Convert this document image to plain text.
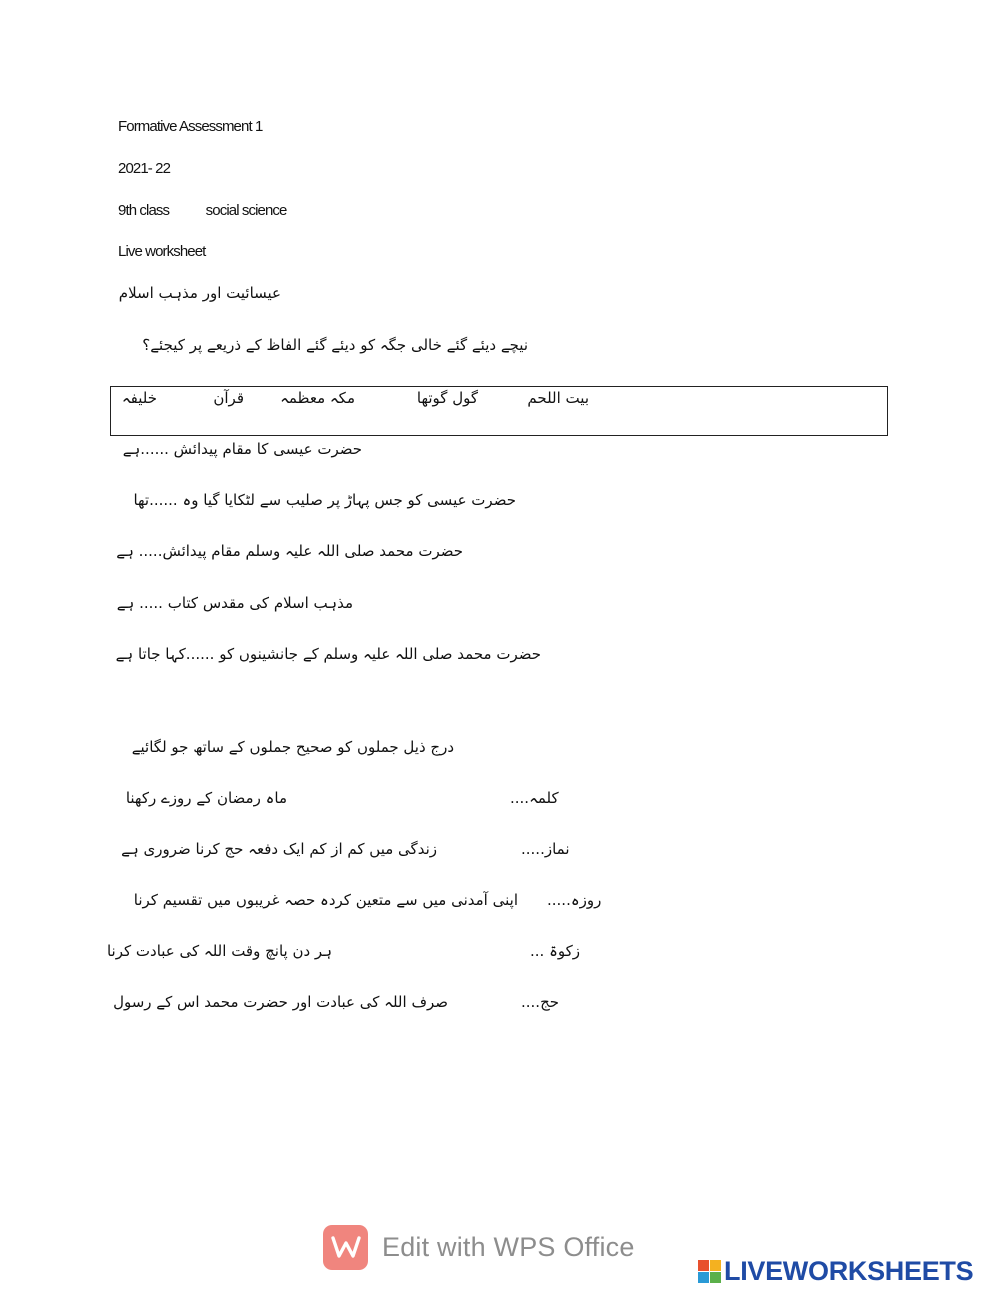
Formative Assessment 1
2021- 22
9th class social science
Live worksheet
عیسائیت اور مذہب اسلام
نیچے دیئے گئے خالی جگہ کو دیئے گئے الفاظ کے ذریعے پر کیجئے؟
بیت اللحم
گول گوتھا
مکہ معظمہ
قرآن
خلیفہ
حضرت عیسی کا مقام پیدائش ......ہے
حضرت عیسی کو جس پہاڑ پر صلیب سے لٹکایا گیا وہ ......تھا
حضرت محمد صلی اللہ علیہ وسلم مقام پیدائش..... ہے
مذہب اسلام کی مقدس کتاب ..... ہے
حضرت محمد صلی اللہ علیہ وسلم کے جانشینوں کو ......کہا جاتا ہے
درج ذیل جملوں کو صحیح جملوں کے ساتھ جو لگائیے
کلمہ....
ماہ رمضان کے روزے رکھنا
نماز.....
زندگی میں کم از کم ایک دفعہ حج کرنا ضروری ہے
روزہ.....
اپنی آمدنی میں سے متعین کردہ حصہ غریبوں میں تقسیم کرنا
زکوۃ ...
ہر دن پانچ وقت اللہ کی عبادت کرنا
حج....
صرف اللہ کی عبادت اور حضرت محمد اس کے رسول
Edit with WPS Office
LIVEWORKSHEETS
